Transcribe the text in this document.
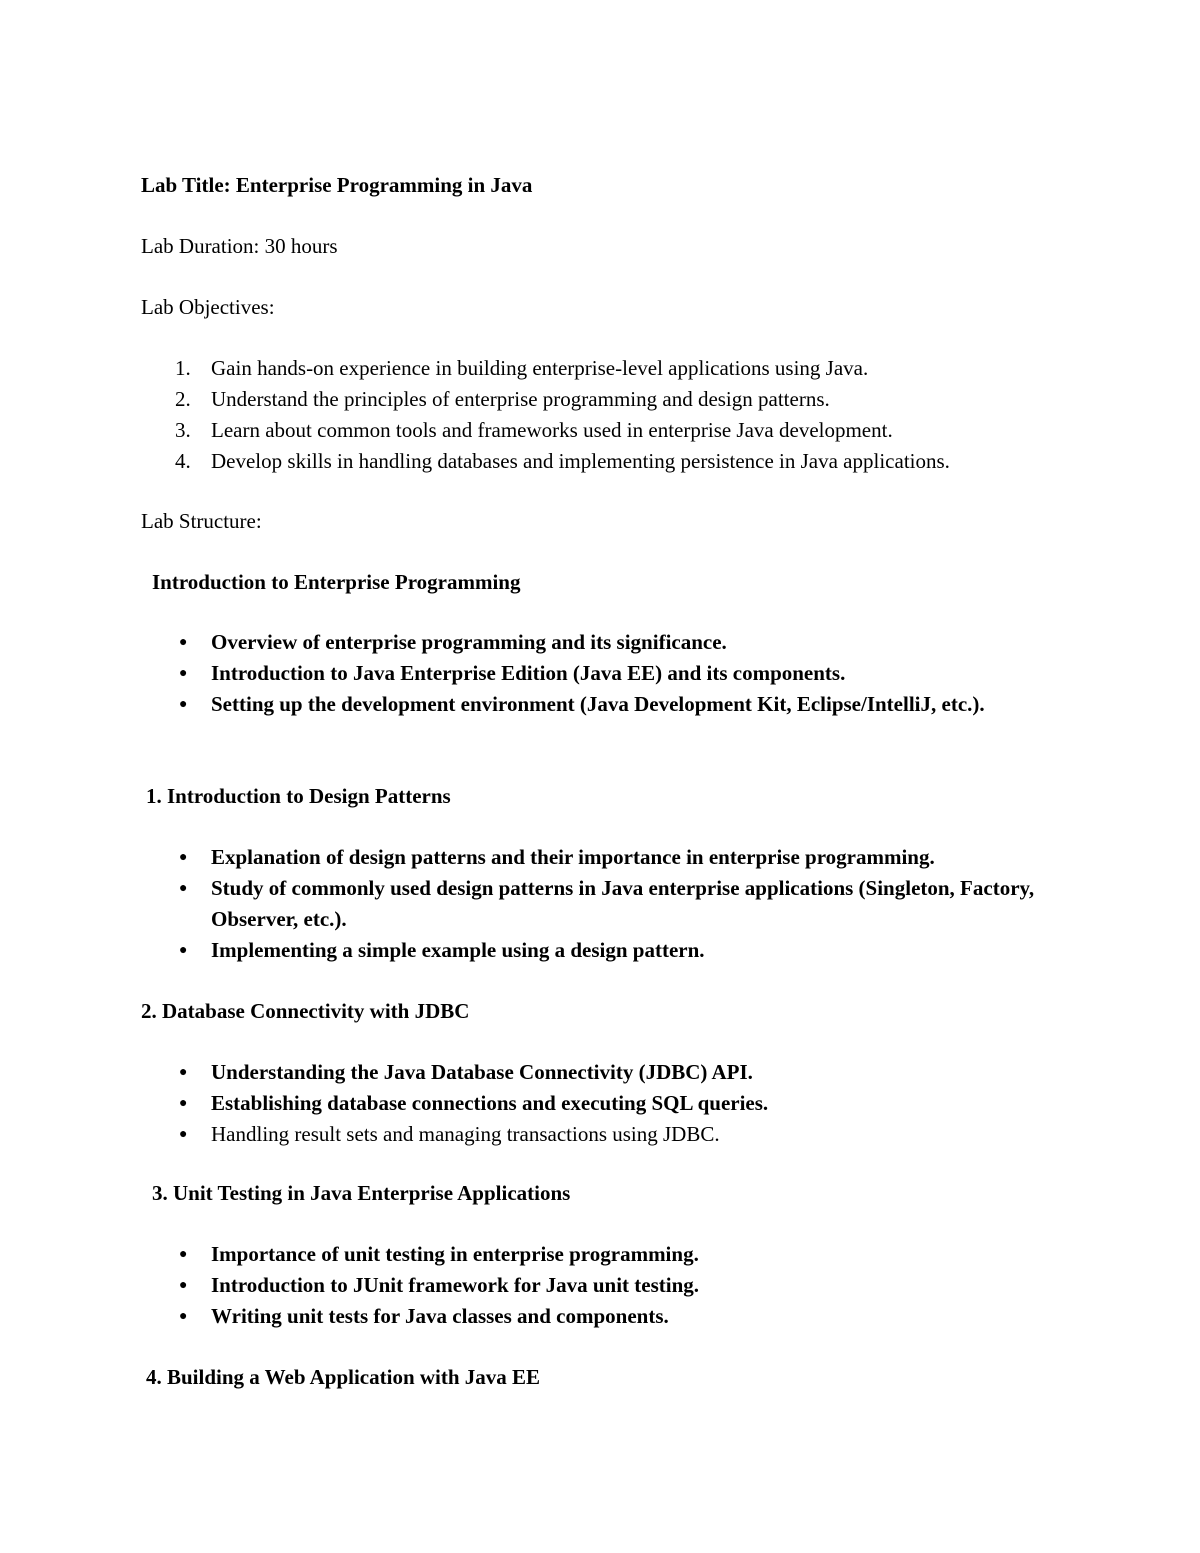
Lab Title: Enterprise Programming in Java

Lab Duration: 30 hours

Lab Objectives:

1. Gain hands-on experience in building enterprise-level applications using Java.
2. Understand the principles of enterprise programming and design patterns.
3. Learn about common tools and frameworks used in enterprise Java development.
4. Develop skills in handling databases and implementing persistence in Java applications.

Lab Structure:

Introduction to Enterprise Programming

●	Overview of enterprise programming and its significance.
●	Introduction to Java Enterprise Edition (Java EE) and its components.
●	Setting up the development environment (Java Development Kit, Eclipse/IntelliJ, etc.).

1. Introduction to Design Patterns

●	Explanation of design patterns and their importance in enterprise programming.
●	Study of commonly used design patterns in Java enterprise applications (Singleton, Factory, Observer, etc.).
●	Implementing a simple example using a design pattern.

2. Database Connectivity with JDBC

●	Understanding the Java Database Connectivity (JDBC) API.
●	Establishing database connections and executing SQL queries.
●	Handling result sets and managing transactions using JDBC.

3. Unit Testing in Java Enterprise Applications

●	Importance of unit testing in enterprise programming.
●	Introduction to JUnit framework for Java unit testing.
●	Writing unit tests for Java classes and components.

4. Building a Web Application with Java EE
